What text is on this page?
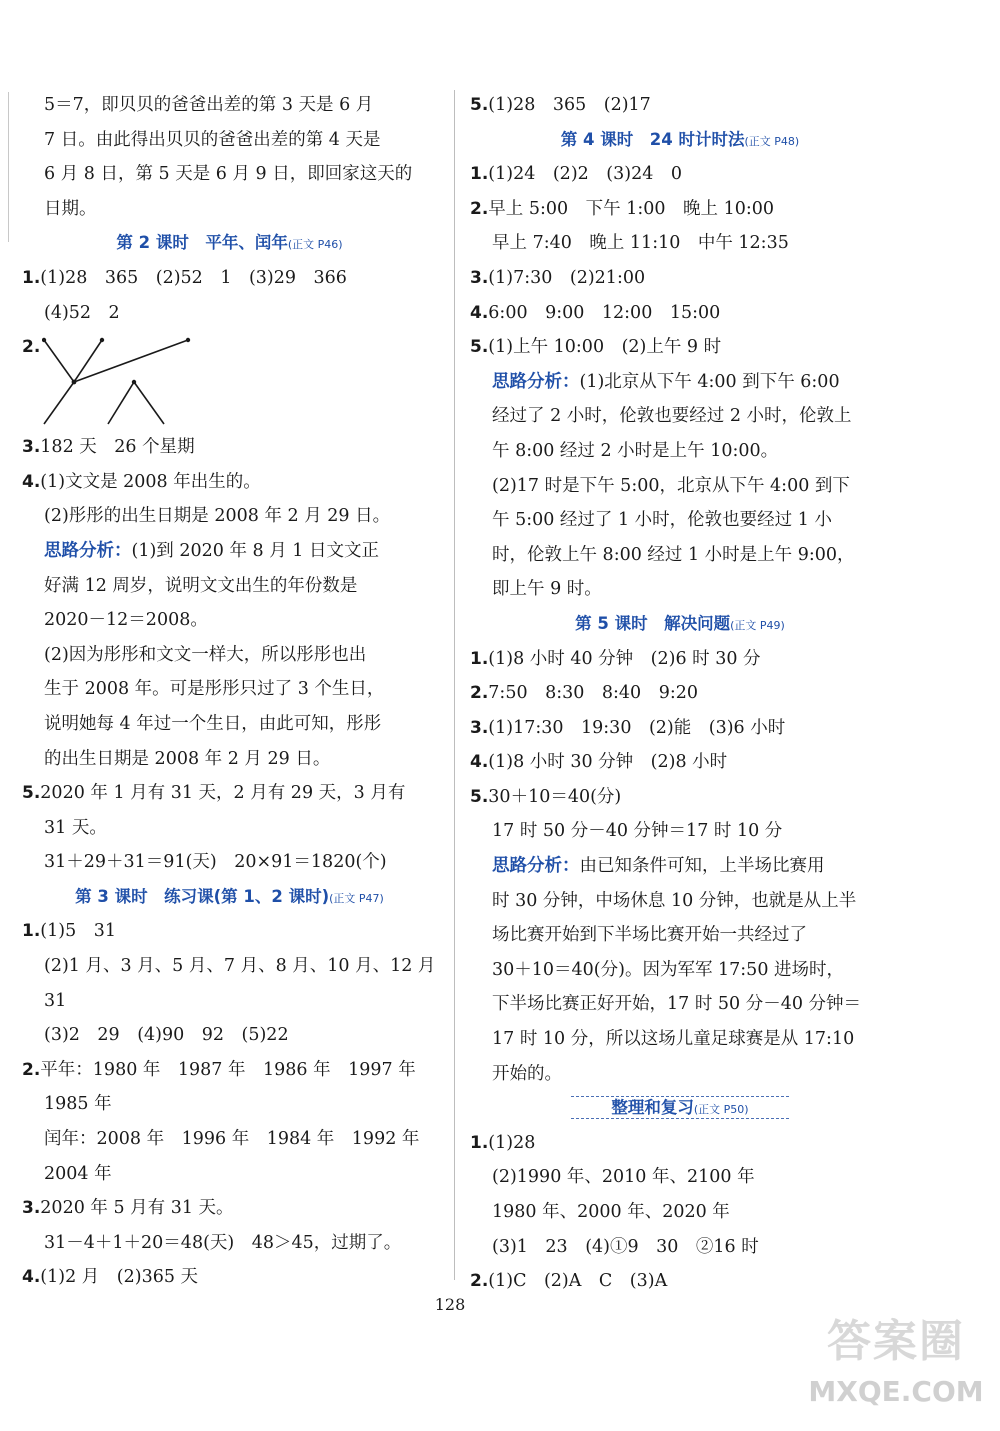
5＝7，即贝贝的爸爸出差的第 3 天是 6 月
7 日。由此得出贝贝的爸爸出差的第 4 天是
6 月 8 日，第 5 天是 6 月 9 日，即回家这天的
日期。
第 2 课时　平年、闰年(正文 P46)
1.(1)28　365　(2)52　1　(3)29　366
(4)52　2
2.
3.182 天　26 个星期
4.(1)文文是 2008 年出生的。
(2)彤彤的出生日期是 2008 年 2 月 29 日。
思路分析：(1)到 2020 年 8 月 1 日文文正
好满 12 周岁，说明文文出生的年份数是
2020－12＝2008。
(2)因为彤彤和文文一样大，所以彤彤也出
生于 2008 年。可是彤彤只过了 3 个生日，
说明她每 4 年过一个生日，由此可知，彤彤
的出生日期是 2008 年 2 月 29 日。
5.2020 年 1 月有 31 天，2 月有 29 天，3 月有
31 天。
31＋29＋31＝91(天)　20×91＝1820(个)
第 3 课时　练习课(第 1、2 课时)(正文 P47)
1.(1)5　31
(2)1 月、3 月、5 月、7 月、8 月、10 月、12 月
31
(3)2　29　(4)90　92　(5)22
2.平年：1980 年　1987 年　1986 年　1997 年
1985 年
闰年：2008 年　1996 年　1984 年　1992 年
2004 年
3.2020 年 5 月有 31 天。
31－4＋1＋20＝48(天)　48＞45，过期了。
4.(1)2 月　(2)365 天
5.(1)28　365　(2)17
第 4 课时　24 时计时法(正文 P48)
1.(1)24　(2)2　(3)24　0
2.早上 5:00　下午 1:00　晚上 10:00
早上 7:40　晚上 11:10　中午 12:35
3.(1)7:30　(2)21:00
4.6:00　9:00　12:00　15:00
5.(1)上午 10:00　(2)上午 9 时
思路分析：(1)北京从下午 4:00 到下午 6:00
经过了 2 小时，伦敦也要经过 2 小时，伦敦上
午 8:00 经过 2 小时是上午 10:00。
(2)17 时是下午 5:00，北京从下午 4:00 到下
午 5:00 经过了 1 小时，伦敦也要经过 1 小
时，伦敦上午 8:00 经过 1 小时是上午 9:00，
即上午 9 时。
第 5 课时　解决问题(正文 P49)
1.(1)8 小时 40 分钟　(2)6 时 30 分
2.7:50　8:30　8:40　9:20
3.(1)17:30　19:30　(2)能　(3)6 小时
4.(1)8 小时 30 分钟　(2)8 小时
5.30＋10＝40(分)
17 时 50 分－40 分钟＝17 时 10 分
思路分析：由已知条件可知，上半场比赛用
时 30 分钟，中场休息 10 分钟，也就是从上半
场比赛开始到下半场比赛开始一共经过了
30＋10＝40(分)。因为军军 17:50 进场时，
下半场比赛正好开始，17 时 50 分－40 分钟＝
17 时 10 分，所以这场儿童足球赛是从 17:10
开始的。
整理和复习(正文 P50)
1.(1)28
(2)1990 年、2010 年、2100 年
1980 年、2000 年、2020 年
(3)1　23　(4)①9　30　②16 时
2.(1)C　(2)A　C　(3)A
128
答案圈
MXQE.COM
